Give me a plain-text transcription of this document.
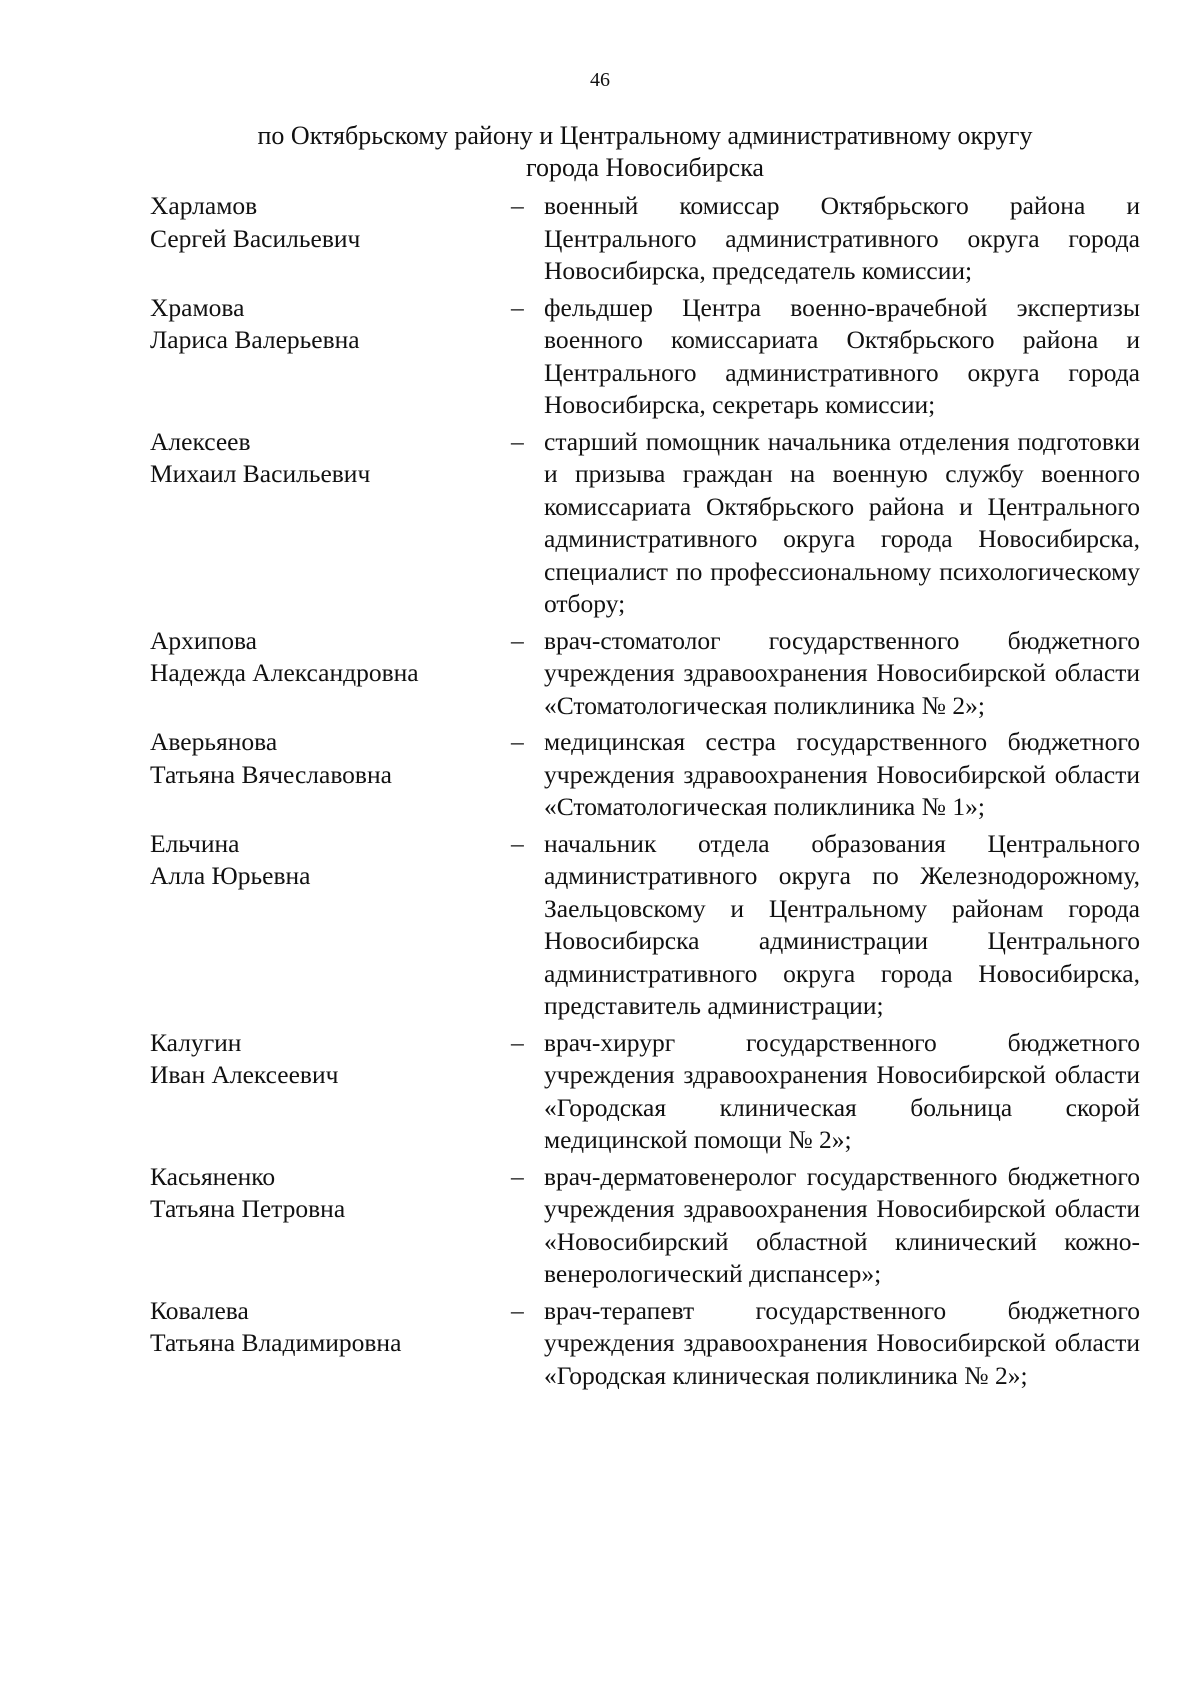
46
по Октябрьскому району и Центральному административному округу
города Новосибирска
Харламов
Сергей Васильевич
– военный комиссар Октябрьского района и Центрального административного округа города Новосибирска, председатель комиссии;
Храмова
Лариса Валерьевна
– фельдшер Центра военно-врачебной экспертизы военного комиссариата Октябрьского района и Центрального административного округа города Новосибирска, секретарь комиссии;
Алексеев
Михаил Васильевич
– старший помощник начальника отделения подготовки и призыва граждан на военную службу военного комиссариата Октябрьского района и Центрального административного округа города Новосибирска, специалист по профессиональному психологическому отбору;
Архипова
Надежда Александровна
– врач-стоматолог государственного бюджетного учреждения здравоохранения Новосибирской области «Стоматологическая поликлиника № 2»;
Аверьянова
Татьяна Вячеславовна
– медицинская сестра государственного бюджетного учреждения здравоохранения Новосибирской области «Стоматологическая поликлиника № 1»;
Ельчина
Алла Юрьевна
– начальник отдела образования Центрального административного округа по Железнодорожному, Заельцовскому и Центральному районам города Новосибирска администрации Центрального административного округа города Новосибирска, представитель администрации;
Калугин
Иван Алексеевич
– врач-хирург государственного бюджетного учреждения здравоохранения Новосибирской области «Городская клиническая больница скорой медицинской помощи № 2»;
Касьяненко
Татьяна Петровна
– врач-дерматовенеролог государственного бюджетного учреждения здравоохранения Новосибирской области «Новосибирский областной клинический кожно-венерологический диспансер»;
Ковалева
Татьяна Владимировна
– врач-терапевт государственного бюджетного учреждения здравоохранения Новосибирской области «Городская клиническая поликлиника № 2»;
